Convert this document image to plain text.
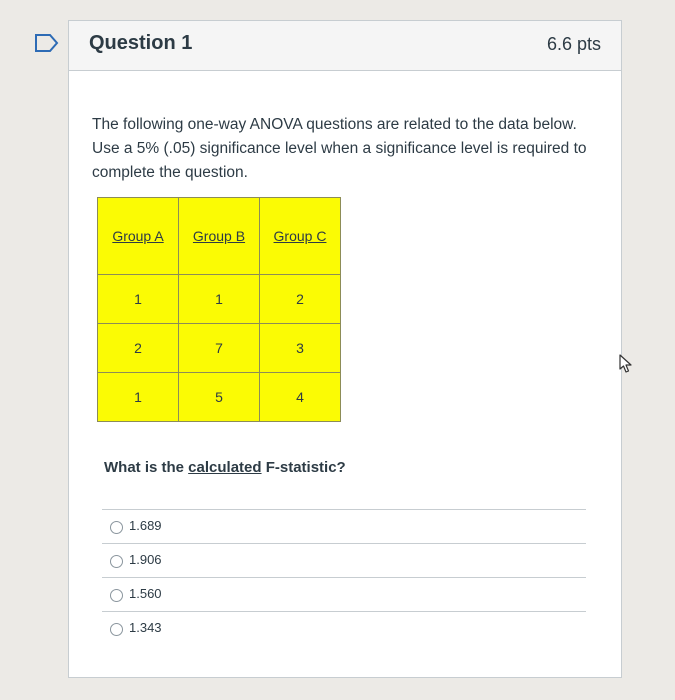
Question 1	6.6 pts
The following one-way ANOVA questions are related to the data below. Use a 5% (.05) significance level when a significance level is required to complete the question.
Group A	Group B	Group C
1	1	2
2	7	3
1	5	4
What is the calculated F-statistic?
1.689
1.906
1.560
1.343
